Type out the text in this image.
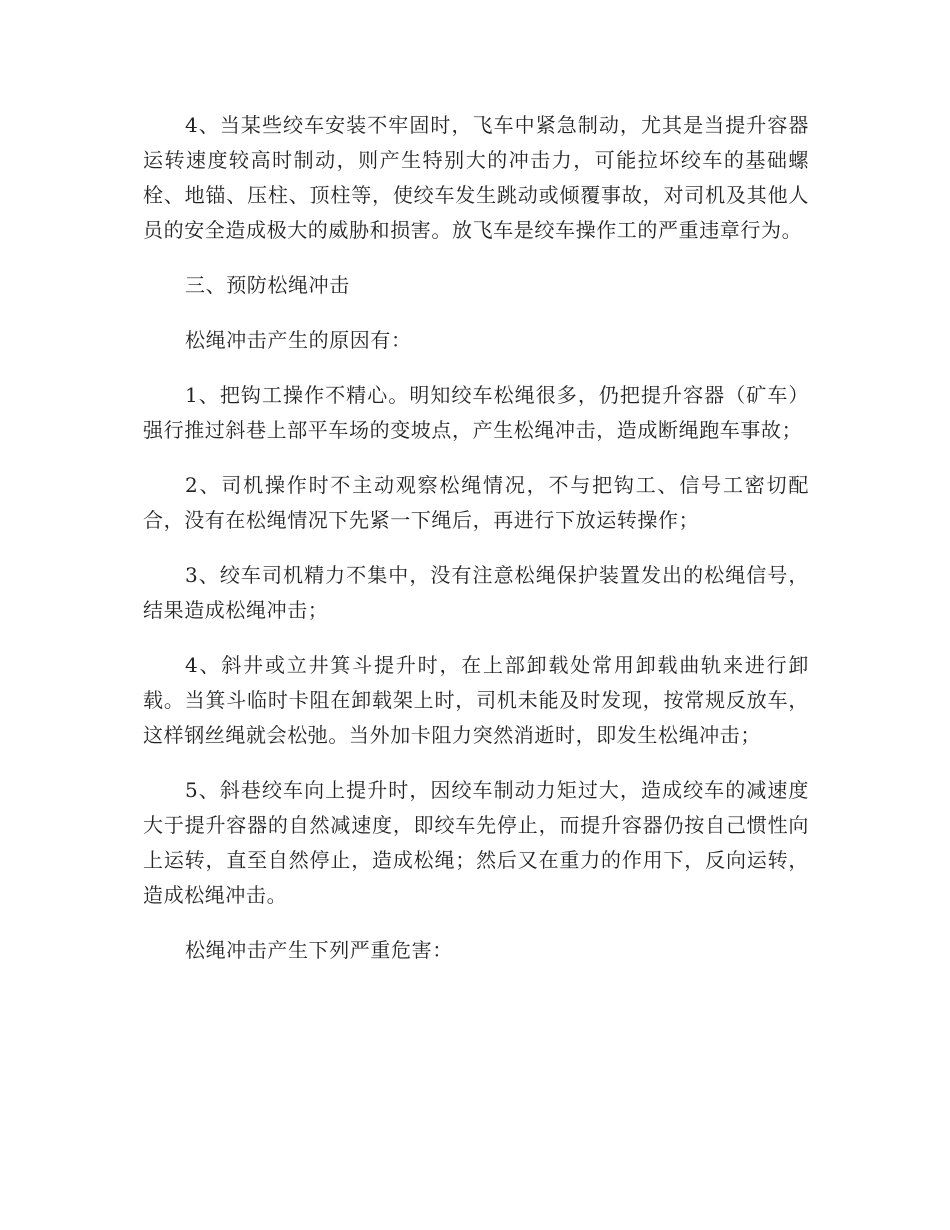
4、当某些绞车安装不牢固时，飞车中紧急制动，尤其是当提升容器运转速度较高时制动，则产生特别大的冲击力，可能拉坏绞车的基础螺栓、地锚、压柱、顶柱等，使绞车发生跳动或倾覆事故，对司机及其他人员的安全造成极大的威胁和损害。放飞车是绞车操作工的严重违章行为。

三、预防松绳冲击

松绳冲击产生的原因有：

1、把钩工操作不精心。明知绞车松绳很多，仍把提升容器（矿车）强行推过斜巷上部平车场的变坡点，产生松绳冲击，造成断绳跑车事故；

2、司机操作时不主动观察松绳情况，不与把钩工、信号工密切配合，没有在松绳情况下先紧一下绳后，再进行下放运转操作；

3、绞车司机精力不集中，没有注意松绳保护装置发出的松绳信号，结果造成松绳冲击；

4、斜井或立井箕斗提升时，在上部卸载处常用卸载曲轨来进行卸载。当箕斗临时卡阻在卸载架上时，司机未能及时发现，按常规反放车，这样钢丝绳就会松弛。当外加卡阻力突然消逝时，即发生松绳冲击；

5、斜巷绞车向上提升时，因绞车制动力矩过大，造成绞车的减速度大于提升容器的自然减速度，即绞车先停止，而提升容器仍按自己惯性向上运转，直至自然停止，造成松绳；然后又在重力的作用下，反向运转，造成松绳冲击。

松绳冲击产生下列严重危害：
